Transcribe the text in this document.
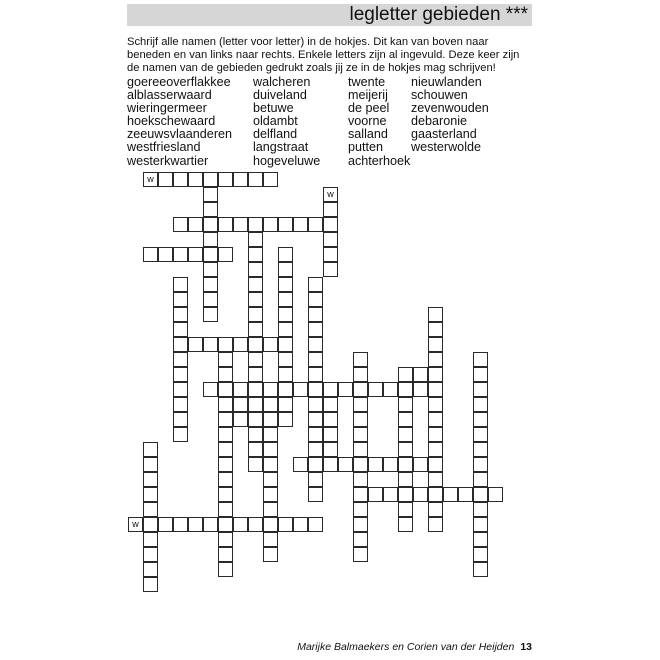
legletter gebieden ***
Schrijf alle namen (letter voor letter) in de hokjes. Dit kan van boven naar beneden en van links naar rechts. Enkele letters zijn al ingevuld. Deze keer zijn de namen van de gebieden gedrukt zoals jij ze in de hokjes mag schrijven!
goereeoverflakkee
alblasserwaard
wieringermeer
hoekschewaard
zeeuwsvlaanderen
westfriesland
westerkwartier
walcheren
duiveland
betuwe
oldambt
delfland
langstraat
hogeveluwe
twente
meijerij
de peel
voorne
salland
putten
achterhoek
nieuwlanden
schouwen
zevenwouden
debaronie
gaasterland
westerwolde
w
w
w
Marijke Balmaekers en Corien van der Heijden 13
